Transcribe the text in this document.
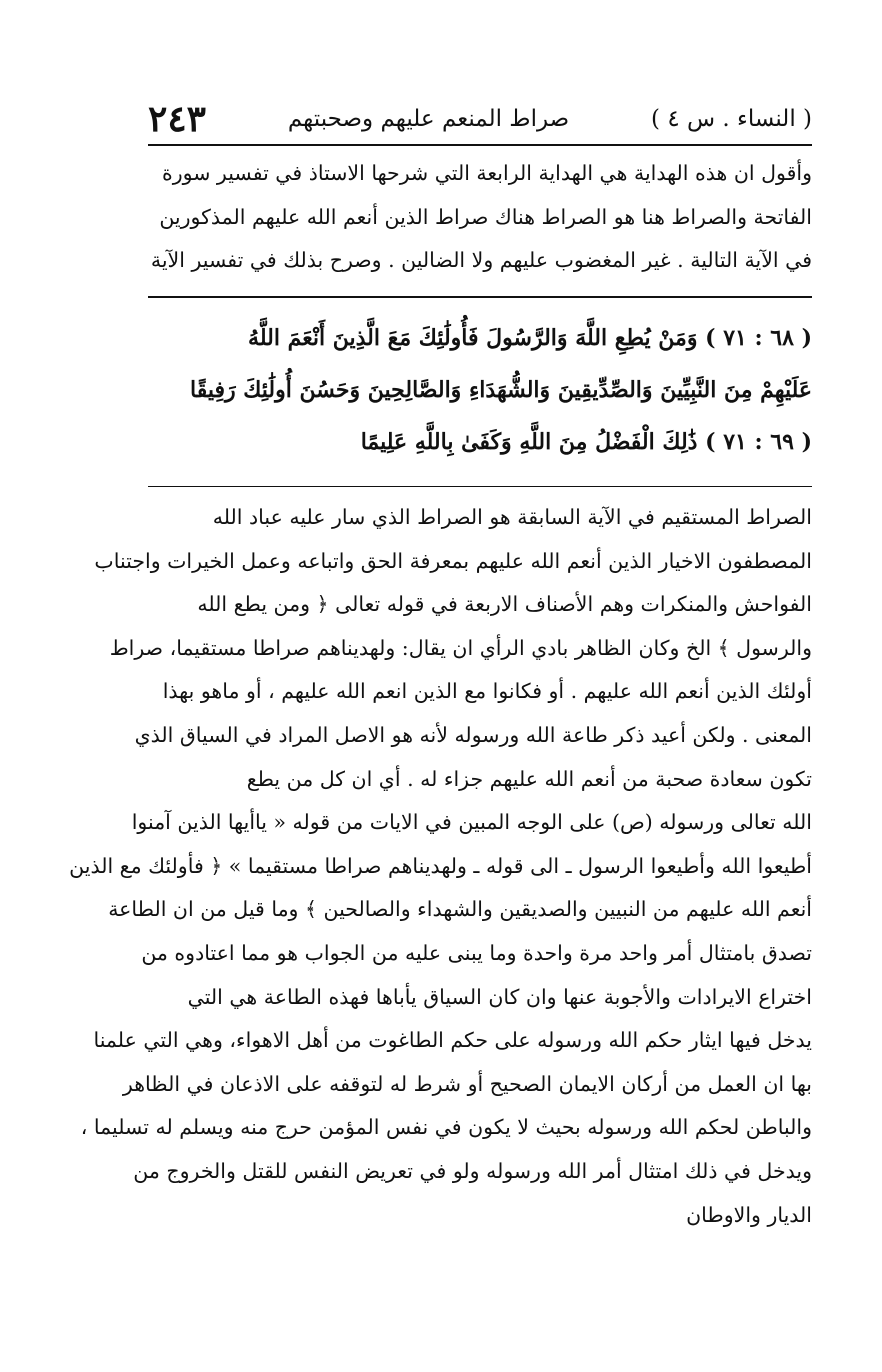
( النساء . س ٤ )
صراط المنعم عليهم وصحبتهم
٢٤٣
وأقول ان هذه الهداية هي الهداية الرابعة التي شرحها الاستاذ في تفسير سورة
الفاتحة والصراط هنا هو الصراط هناك صراط الذين أنعم الله عليهم المذكورين
في الآية التالية . غير المغضوب عليهم ولا الضالين . وصرح بذلك في تفسير الآية
( ٦٨ : ٧١ ) وَمَنْ يُطِعِ اللَّهَ وَالرَّسُولَ فَأُولَٰئِكَ مَعَ الَّذِينَ أَنْعَمَ اللَّهُ
عَلَيْهِمْ مِنَ النَّبِيِّينَ وَالصِّدِّيقِينَ وَالشُّهَدَاءِ وَالصَّالِحِينَ وَحَسُنَ أُولَٰئِكَ رَفِيقًا
( ٦٩ : ٧١ ) ذَٰلِكَ الْفَضْلُ مِنَ اللَّهِ وَكَفَىٰ بِاللَّهِ عَلِيمًا
الصراط المستقيم في الآية السابقة هو الصراط الذي سار عليه عباد الله
المصطفون الاخيار الذين أنعم الله عليهم بمعرفة الحق واتباعه وعمل الخيرات واجتناب
الفواحش والمنكرات وهم الأصناف الاربعة في قوله تعالى ﴿ ومن يطع الله
والرسول ﴾ الخ وكان الظاهر بادي الرأي ان يقال: ولهديناهم صراطا مستقيما، صراط
أولئك الذين أنعم الله عليهم . أو فكانوا مع الذين انعم الله عليهم ، أو ماهو بهذا
المعنى . ولكن أعيد ذكر طاعة الله ورسوله لأنه هو الاصل المراد في السياق الذي
تكون سعادة صحبة من أنعم الله عليهم جزاء له . أي ان كل من يطع
الله تعالى ورسوله (ص) على الوجه المبين في الايات من قوله « ياأيها الذين آمنوا
أطيعوا الله وأطيعوا الرسول ـ الى قوله ـ ولهديناهم صراطا مستقيما » ﴿ فأولئك مع الذين
أنعم الله عليهم من النبيين والصديقين والشهداء والصالحين ﴾ وما قيل من ان الطاعة
تصدق بامتثال أمر واحد مرة واحدة وما يبنى عليه من الجواب هو مما اعتادوه من
اختراع الايرادات والأجوبة عنها وان كان السياق يأباها فهذه الطاعة هي التي
يدخل فيها ايثار حكم الله ورسوله على حكم الطاغوت من أهل الاهواء، وهي التي علمنا
بها ان العمل من أركان الايمان الصحيح أو شرط له لتوقفه على الاذعان في الظاهر
والباطن لحكم الله ورسوله بحيث لا يكون في نفس المؤمن حرج منه ويسلم له تسليما ،
ويدخل في ذلك امتثال أمر الله ورسوله ولو في تعريض النفس للقتل والخروج من
الديار والاوطان
